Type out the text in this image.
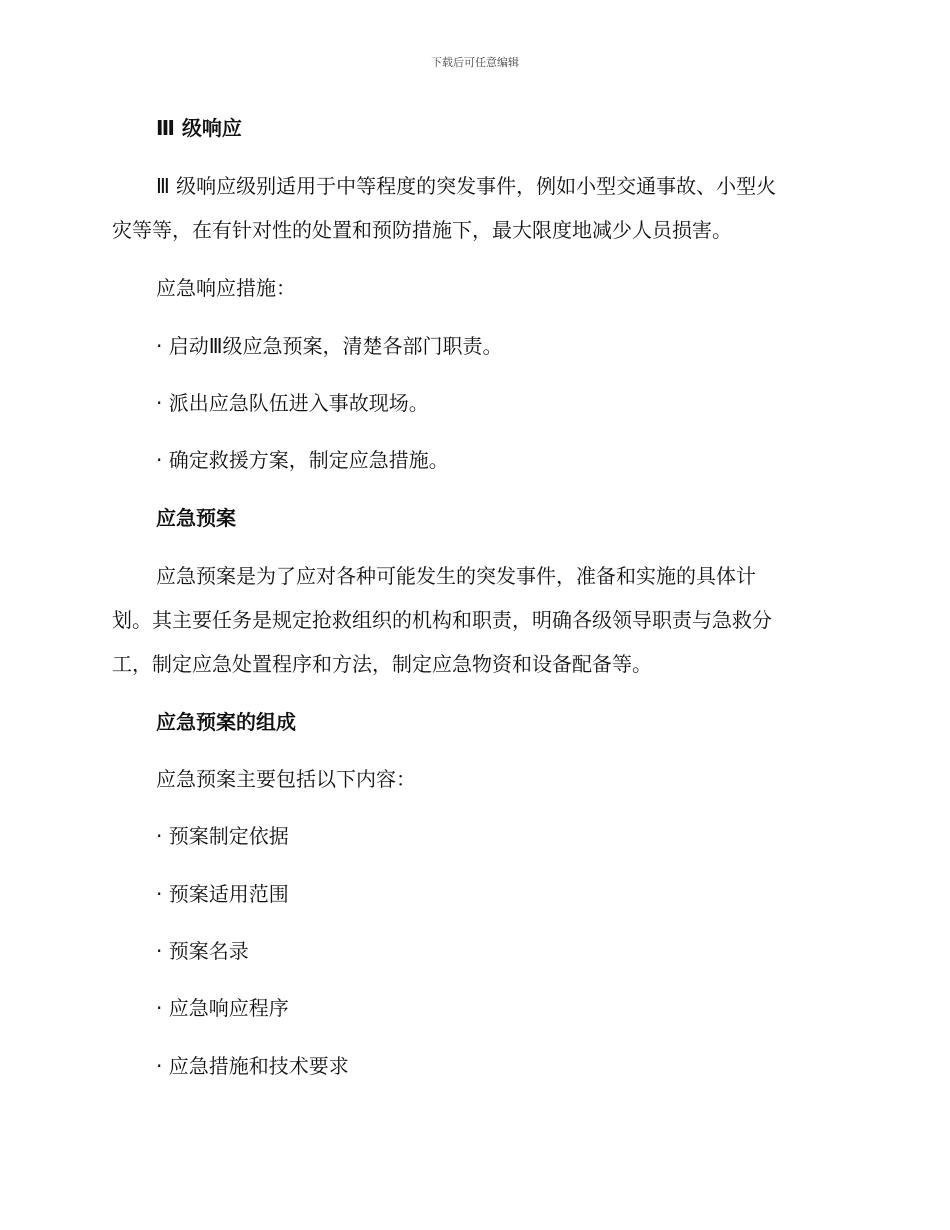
下载后可任意编辑

Ⅲ 级响应

Ⅲ 级响应级别适用于中等程度的突发事件，例如小型交通事故、小型火

灾等等，在有针对性的处置和预防措施下，最大限度地减少人员损害。

应急响应措施：

· 启动Ⅲ级应急预案，清楚各部门职责。

· 派出应急队伍进入事故现场。

· 确定救援方案，制定应急措施。

应急预案

应急预案是为了应对各种可能发生的突发事件，准备和实施的具体计

划。其主要任务是规定抢救组织的机构和职责，明确各级领导职责与急救分

工，制定应急处置程序和方法，制定应急物资和设备配备等。

应急预案的组成

应急预案主要包括以下内容：

· 预案制定依据

· 预案适用范围

· 预案名录

· 应急响应程序

· 应急措施和技术要求
